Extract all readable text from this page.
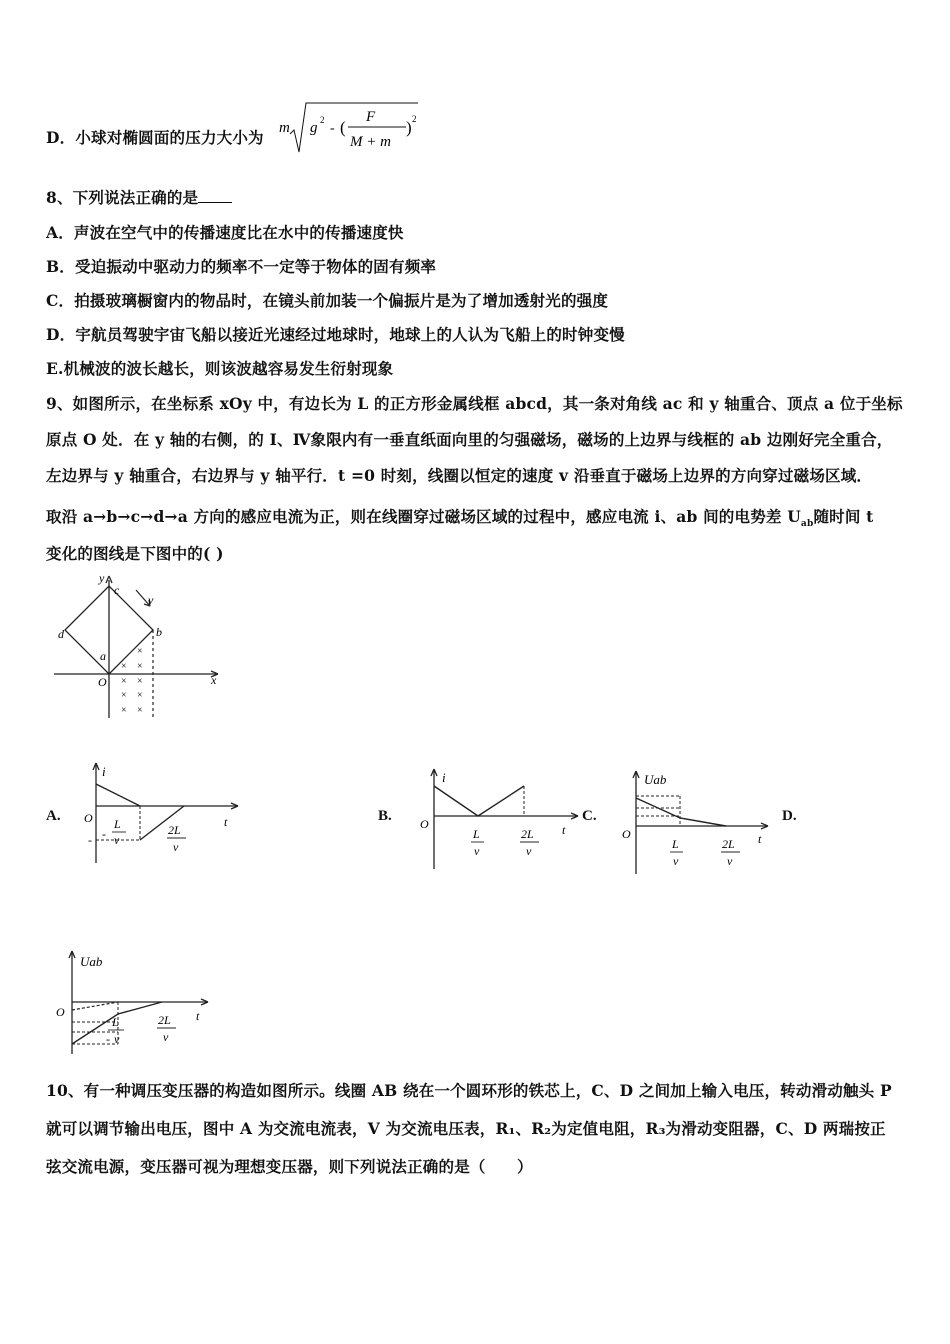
D．小球对椭圆面的压力大小为 m g 2
- (
F
M + m
) 2
8、下列说法正确的是
A．声波在空气中的传播速度比在水中的传播速度快
B．受迫振动中驱动力的频率不一定等于物体的固有频率
C．拍摄玻璃橱窗内的物品时，在镜头前加装一个偏振片是为了增加透射光的强度
D．宇航员驾驶宇宙飞船以接近光速经过地球时，地球上的人认为飞船上的时钟变慢
E.机械波的波长越长，则该波越容易发生衍射现象
9、如图所示，在坐标系 xOy 中，有边长为 L 的正方形金属线框 abcd，其一条对角线 ac 和 y 轴重合、顶点 a 位于坐标
原点 O 处．在 y 轴的右侧，的 I、Ⅳ象限内有一垂直纸面向里的匀强磁场，磁场的上边界与线框的 ab 边刚好完全重合，
左边界与 y 轴重合，右边界与 y 轴平行．t =0 时刻，线圈以恒定的速度 v 沿垂直于磁场上边界的方向穿过磁场区域．
取沿 a→b→c→d→a 方向的感应电流为正，则在线圈穿过磁场区域的过程中，感应电流 i、ab 间的电势差 $U_{ab}$随时间 t
变化的图线是下图中的( )
y
x
c
d	b
a
O
v
×
×
×
× ×
× ×
× ×
A.	B.	C.	D.
i
O	t
-
L
- v
2L
v
i
O	t
L
v
2L
v
Uab
O	t
L
v
2L
v
Uab
O	t
L
- v
2L
v
10、有一种调压变压器的构造如图所示。线圈 AB 绕在一个圆环形的铁芯上，C、D 之间加上输入电压，转动滑动触头 P
就可以调节输出电压，图中 A 为交流电流表，V 为交流电压表，R₁、R₂为定值电阻，R₃为滑动变阻器，C、D 两瑞按正
弦交流电源，变压器可视为理想变压器，则下列说法正确的是（　　）
